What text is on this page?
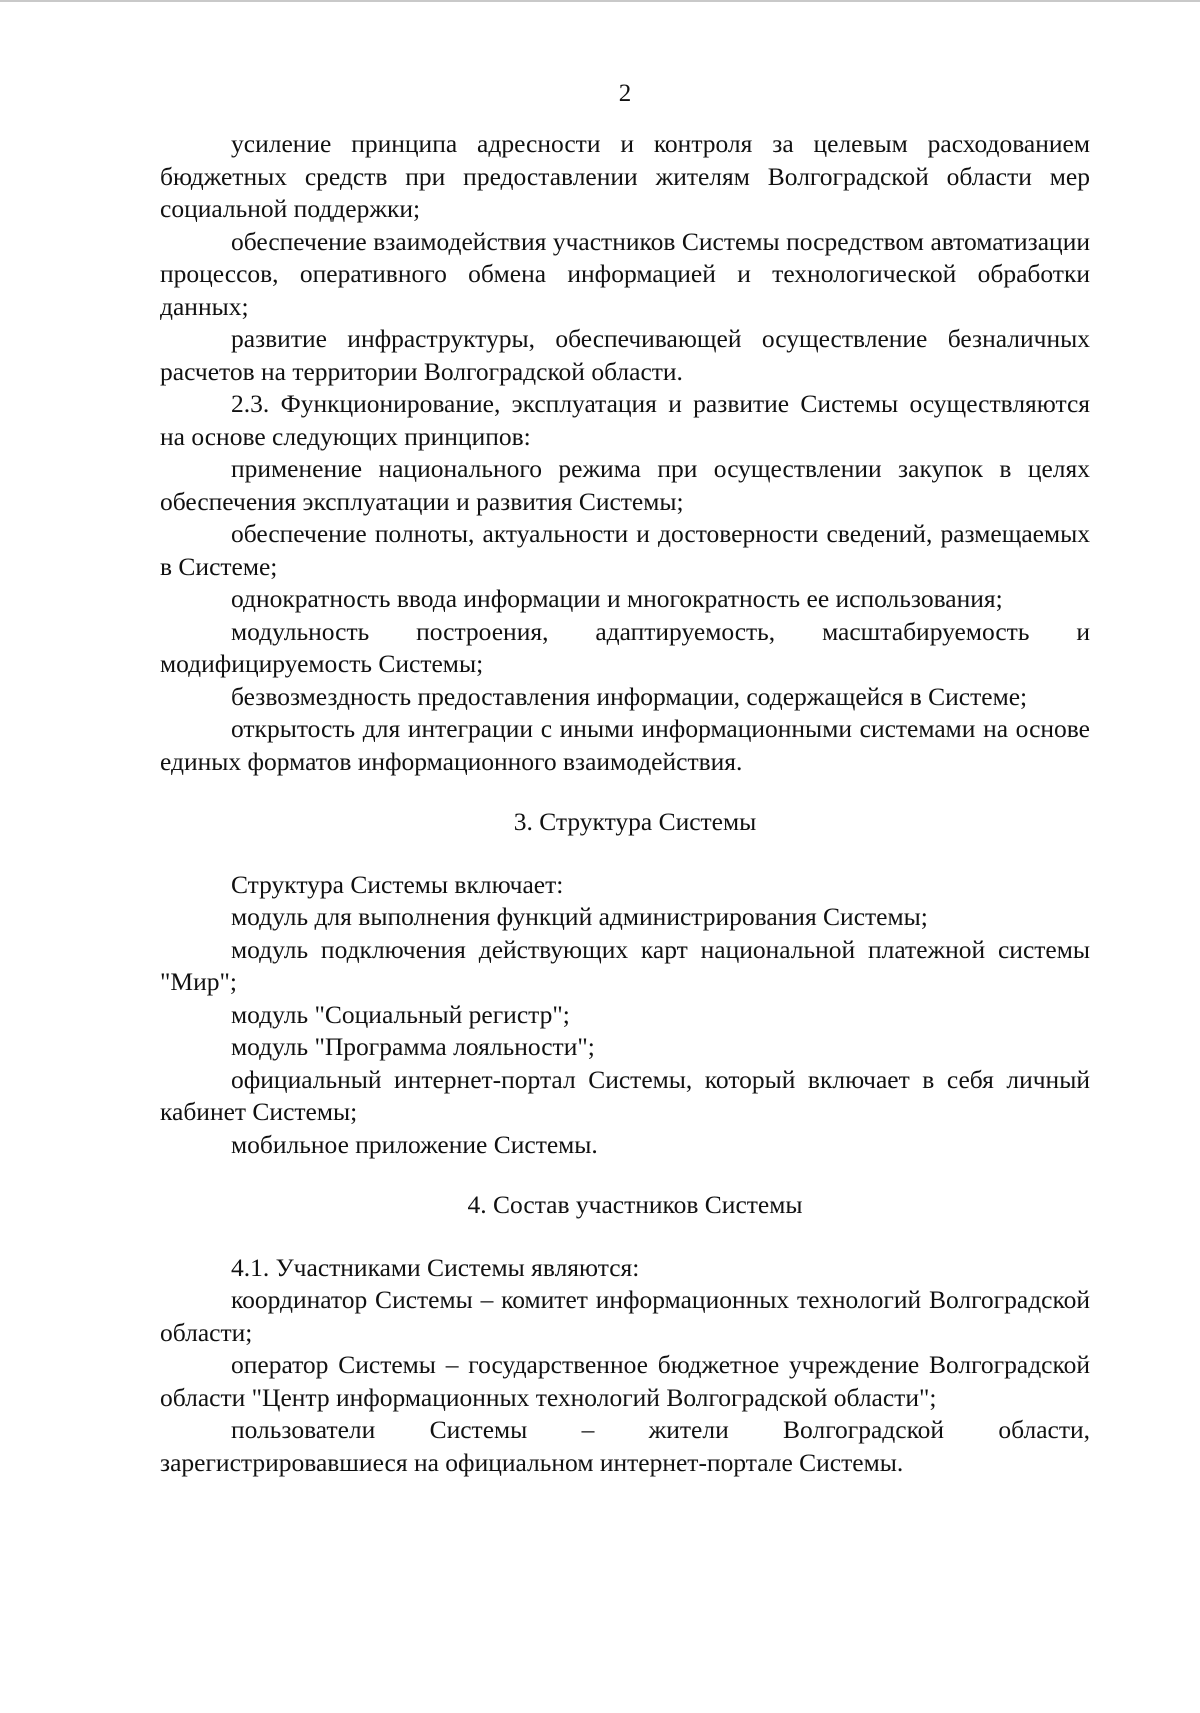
2

усиление принципа адресности и контроля за целевым расходованием бюджетных средств при предоставлении жителям Волгоградской области мер социальной поддержки;

обеспечение взаимодействия участников Системы посредством автоматизации процессов, оперативного обмена информацией и технологической обработки данных;

развитие инфраструктуры, обеспечивающей осуществление безналичных расчетов на территории Волгоградской области.

2.3. Функционирование, эксплуатация и развитие Системы осуществляются на основе следующих принципов:

применение национального режима при осуществлении закупок в целях обеспечения эксплуатации и развития Системы;

обеспечение полноты, актуальности и достоверности сведений, размещаемых в Системе;

однократность ввода информации и многократность ее использования;

модульность построения, адаптируемость, масштабируемость и модифицируемость Системы;

безвозмездность предоставления информации, содержащейся в Системе;

открытость для интеграции с иными информационными системами на основе единых форматов информационного взаимодействия.

3. Структура Системы

Структура Системы включает:

модуль для выполнения функций администрирования Системы;

модуль подключения действующих карт национальной платежной системы "Мир";

модуль "Социальный регистр";

модуль "Программа лояльности";

официальный интернет-портал Системы, который включает в себя личный кабинет Системы;

мобильное приложение Системы.

4. Состав участников Системы

4.1. Участниками Системы являются:

координатор Системы – комитет информационных технологий Волгоградской области;

оператор Системы – государственное бюджетное учреждение Волгоградской области "Центр информационных технологий Волгоградской области";

пользователи Системы – жители Волгоградской области, зарегистрировавшиеся на официальном интернет-портале Системы.
